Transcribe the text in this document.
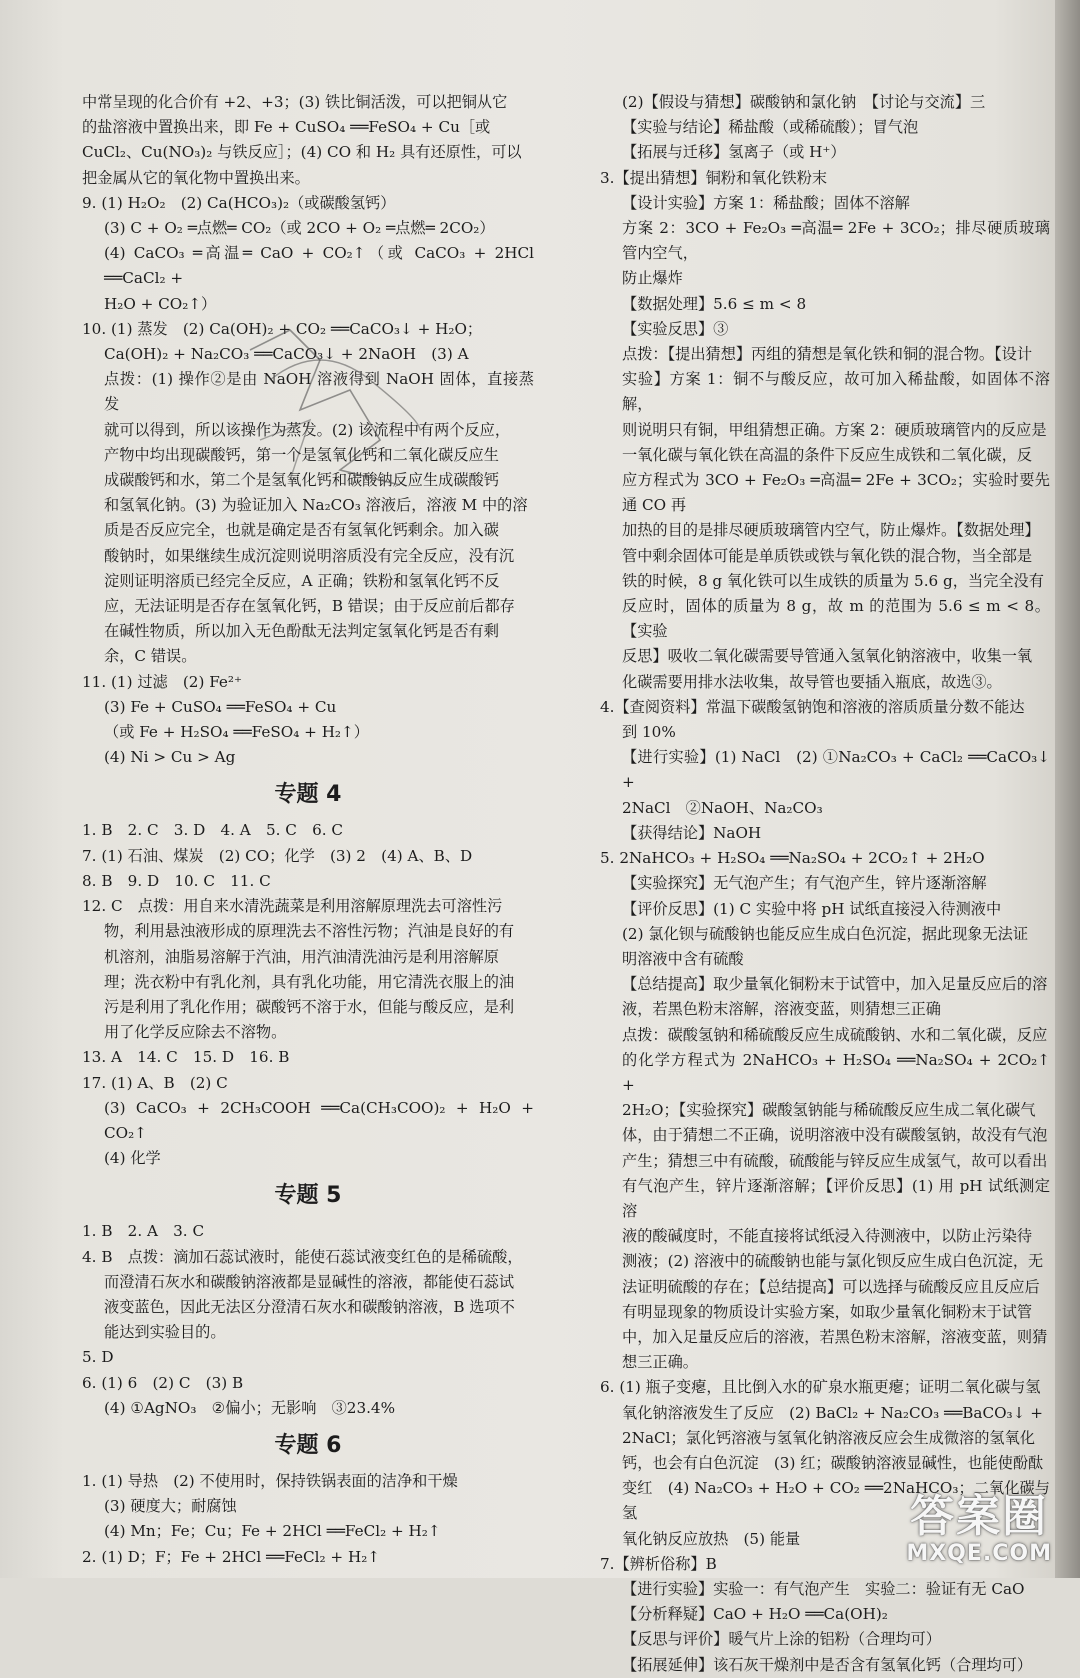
中常呈现的化合价有 +2、+3；(3) 铁比铜活泼，可以把铜从它

的盐溶液中置换出来，即 Fe + CuSO₄ ══FeSO₄ + Cu［或

CuCl₂、Cu(NO₃)₂ 与铁反应］；(4) CO 和 H₂ 具有还原性，可以

把金属从它的氧化物中置换出来。

9. (1) H₂O₂　(2) Ca(HCO₃)₂（或碳酸氢钙）

(3) C + O₂ ═点燃═ CO₂（或 2CO + O₂ ═点燃═ 2CO₂）

(4) CaCO₃ ═高温═ CaO + CO₂↑（或 CaCO₃ + 2HCl ══CaCl₂ +

H₂O + CO₂↑）

10. (1) 蒸发　(2) Ca(OH)₂ + CO₂ ══CaCO₃↓ + H₂O；

Ca(OH)₂ + Na₂CO₃ ══CaCO₃↓ + 2NaOH　(3) A

点拨：(1) 操作②是由 NaOH 溶液得到 NaOH 固体，直接蒸发

就可以得到，所以该操作为蒸发。(2) 该流程中有两个反应，

产物中均出现碳酸钙，第一个是氢氧化钙和二氧化碳反应生

成碳酸钙和水，第二个是氢氧化钙和碳酸钠反应生成碳酸钙

和氢氧化钠。(3) 为验证加入 Na₂CO₃ 溶液后，溶液 M 中的溶

质是否反应完全，也就是确定是否有氢氧化钙剩余。加入碳

酸钠时，如果继续生成沉淀则说明溶质没有完全反应，没有沉

淀则证明溶质已经完全反应，A 正确；铁粉和氢氧化钙不反

应，无法证明是否存在氢氧化钙，B 错误；由于反应前后都存

在碱性物质，所以加入无色酚酞无法判定氢氧化钙是否有剩

余，C 错误。

11. (1) 过滤　(2) Fe²⁺

(3) Fe + CuSO₄ ══FeSO₄ + Cu

（或 Fe + H₂SO₄ ══FeSO₄ + H₂↑）

(4) Ni > Cu > Ag

专题 4

1. B　2. C　3. D　4. A　5. C　6. C

7. (1) 石油、煤炭　(2) CO；化学　(3) 2　(4) A、B、D

8. B　9. D　10. C　11. C

12. C　点拨：用自来水清洗蔬菜是利用溶解原理洗去可溶性污

物，利用悬浊液形成的原理洗去不溶性污物；汽油是良好的有

机溶剂，油脂易溶解于汽油，用汽油清洗油污是利用溶解原

理；洗衣粉中有乳化剂，具有乳化功能，用它清洗衣服上的油

污是利用了乳化作用；碳酸钙不溶于水，但能与酸反应，是利

用了化学反应除去不溶物。

13. A　14. C　15. D　16. B

17. (1) A、B　(2) C

(3) CaCO₃ + 2CH₃COOH ══Ca(CH₃COO)₂ + H₂O + CO₂↑

(4) 化学

专题 5

1. B　2. A　3. C

4. B　点拨：滴加石蕊试液时，能使石蕊试液变红色的是稀硫酸，

而澄清石灰水和碳酸钠溶液都是显碱性的溶液，都能使石蕊试

液变蓝色，因此无法区分澄清石灰水和碳酸钠溶液，B 选项不

能达到实验目的。

5. D

6. (1) 6　(2) C　(3) B

(4) ①AgNO₃　②偏小；无影响　③23.4%

专题 6

1. (1) 导热　(2) 不使用时，保持铁锅表面的洁净和干燥

(3) 硬度大；耐腐蚀

(4) Mn；Fe；Cu；Fe + 2HCl ══FeCl₂ + H₂↑

2. (1) D；F；Fe + 2HCl ══FeCl₂ + H₂↑

(2)【假设与猜想】碳酸钠和氯化钠　【讨论与交流】三

【实验与结论】稀盐酸（或稀硫酸）；冒气泡

【拓展与迁移】氢离子（或 H⁺）

3.【提出猜想】铜粉和氧化铁粉末

【设计实验】方案 1：稀盐酸；固体不溶解

方案 2：3CO + Fe₂O₃ ═高温═ 2Fe + 3CO₂；排尽硬质玻璃管内空气，

防止爆炸

【数据处理】5.6 ≤ m < 8

【实验反思】③

点拨：【提出猜想】丙组的猜想是氧化铁和铜的混合物。【设计

实验】方案 1：铜不与酸反应，故可加入稀盐酸，如固体不溶解，

则说明只有铜，甲组猜想正确。方案 2：硬质玻璃管内的反应是

一氧化碳与氧化铁在高温的条件下反应生成铁和二氧化碳，反

应方程式为 3CO + Fe₂O₃ ═高温═ 2Fe + 3CO₂；实验时要先通 CO 再

加热的目的是排尽硬质玻璃管内空气，防止爆炸。【数据处理】

管中剩余固体可能是单质铁或铁与氧化铁的混合物，当全部是

铁的时候，8 g 氧化铁可以生成铁的质量为 5.6 g，当完全没有

反应时，固体的质量为 8 g，故 m 的范围为 5.6 ≤ m < 8。【实验

反思】吸收二氧化碳需要导管通入氢氧化钠溶液中，收集一氧

化碳需要用排水法收集，故导管也要插入瓶底，故选③。

4.【查阅资料】常温下碳酸氢钠饱和溶液的溶质质量分数不能达

到 10%

【进行实验】(1) NaCl　(2) ①Na₂CO₃ + CaCl₂ ══CaCO₃↓ +

2NaCl　②NaOH、Na₂CO₃

【获得结论】NaOH

5. 2NaHCO₃ + H₂SO₄ ══Na₂SO₄ + 2CO₂↑ + 2H₂O

【实验探究】无气泡产生；有气泡产生，锌片逐渐溶解

【评价反思】(1) C 实验中将 pH 试纸直接浸入待测液中

(2) 氯化钡与硫酸钠也能反应生成白色沉淀，据此现象无法证

明溶液中含有硫酸

【总结提高】取少量氧化铜粉末于试管中，加入足量反应后的溶

液，若黑色粉末溶解，溶液变蓝，则猜想三正确

点拨：碳酸氢钠和稀硫酸反应生成硫酸钠、水和二氧化碳，反应

的化学方程式为 2NaHCO₃ + H₂SO₄ ══Na₂SO₄ + 2CO₂↑ +

2H₂O；【实验探究】碳酸氢钠能与稀硫酸反应生成二氧化碳气

体，由于猜想二不正确，说明溶液中没有碳酸氢钠，故没有气泡

产生；猜想三中有硫酸，硫酸能与锌反应生成氢气，故可以看出

有气泡产生，锌片逐渐溶解；【评价反思】(1) 用 pH 试纸测定溶

液的酸碱度时，不能直接将试纸浸入待测液中，以防止污染待

测液；(2) 溶液中的硫酸钠也能与氯化钡反应生成白色沉淀，无

法证明硫酸的存在；【总结提高】可以选择与硫酸反应且反应后

有明显现象的物质设计实验方案，如取少量氧化铜粉末于试管

中，加入足量反应后的溶液，若黑色粉末溶解，溶液变蓝，则猜

想三正确。

6. (1) 瓶子变瘪，且比倒入水的矿泉水瓶更瘪；证明二氧化碳与氢

氧化钠溶液发生了反应　(2) BaCl₂ + Na₂CO₃ ══BaCO₃↓ +

2NaCl；氯化钙溶液与氢氧化钠溶液反应会生成微溶的氢氧化

钙，也会有白色沉淀　(3) 红；碳酸钠溶液显碱性，也能使酚酞

变红　(4) Na₂CO₃ + H₂O + CO₂ ══2NaHCO₃；二氧化碳与氢

氧化钠反应放热　(5) 能量

7.【辨析俗称】B

【进行实验】实验一：有气泡产生　实验二：验证有无 CaO

【分析释疑】CaO + H₂O ══Ca(OH)₂

【反思与评价】暖气片上涂的铝粉（合理均可）

【拓展延伸】该石灰干燥剂中是否含有氢氧化钙（合理均可）

答案圈
MXQE.COM
